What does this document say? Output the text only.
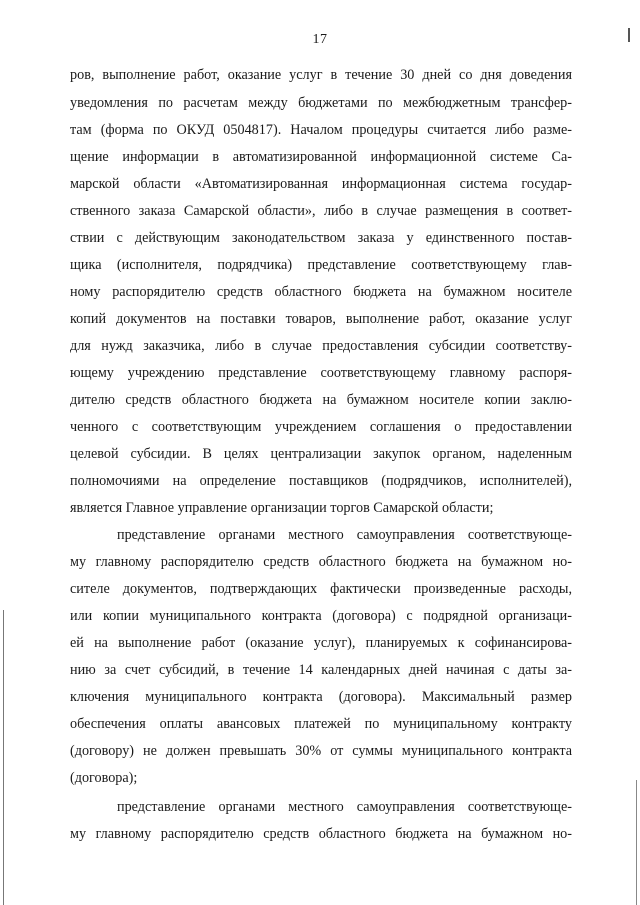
17
ров, выполнение работ, оказание услуг в течение 30 дней со дня доведения
уведомления по расчетам между бюджетами по межбюджетным трансфер-
там (форма по ОКУД 0504817). Началом процедуры считается либо разме-
щение информации в автоматизированной информационной системе Са-
марской области «Автоматизированная информационная система государ-
ственного заказа Самарской области», либо в случае размещения в соответ-
ствии с действующим законодательством заказа у единственного постав-
щика (исполнителя, подрядчика) представление соответствующему глав-
ному распорядителю средств областного бюджета на бумажном носителе
копий документов на поставки товаров, выполнение работ, оказание услуг
для нужд заказчика, либо в случае предоставления субсидии соответству-
ющему учреждению представление соответствующему главному распоря-
дителю средств областного бюджета на бумажном носителе копии заклю-
ченного с соответствующим учреждением соглашения о предоставлении
целевой субсидии. В целях централизации закупок органом, наделенным
полномочиями на определение поставщиков (подрядчиков, исполнителей),
является Главное управление организации торгов Самарской области;
представление органами местного самоуправления соответствующе-
му главному распорядителю средств областного бюджета на бумажном но-
сителе документов, подтверждающих фактически произведенные расходы,
или копии муниципального контракта (договора) с подрядной организаци-
ей на выполнение работ (оказание услуг), планируемых к софинансирова-
нию за счет субсидий, в течение 14 календарных дней начиная с даты за-
ключения муниципального контракта (договора). Максимальный размер
обеспечения оплаты авансовых платежей по муниципальному контракту
(договору) не должен превышать 30% от суммы муниципального контракта
(договора);
представление органами местного самоуправления соответствующе-
му главному распорядителю средств областного бюджета на бумажном но-
